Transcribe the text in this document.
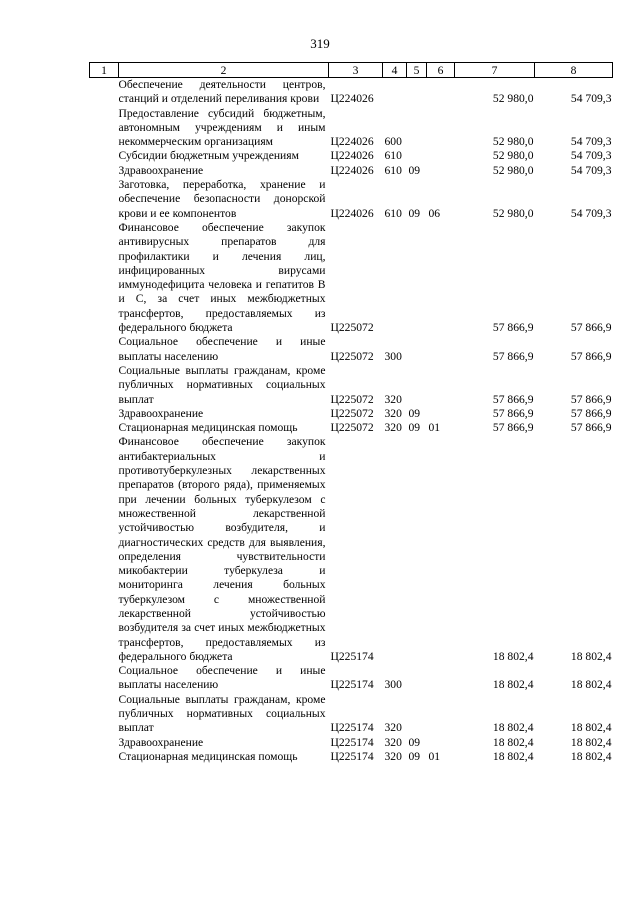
319
1	2	3	4	5	6	7	8
	Обеспечение деятельности центров, станций и отделений переливания крови	Ц224026				52 980,0	54 709,3
	Предоставление субсидий бюджетным, автономным учреждениям и иным некоммерческим организациям	Ц224026	600			52 980,0	54 709,3
	Субсидии бюджетным учреждениям	Ц224026	610			52 980,0	54 709,3
	Здравоохранение	Ц224026	610	09		52 980,0	54 709,3
	Заготовка, переработка, хранение и обеспечение безопасности донорской крови и ее компонентов	Ц224026	610	09	06	52 980,0	54 709,3
	Финансовое обеспечение закупок антивирусных препаратов для профилактики и лечения лиц, инфицированных вирусами иммунодефицита человека и гепатитов В и С, за счет иных межбюджетных трансфертов, предоставляемых из федерального бюджета	Ц225072				57 866,9	57 866,9
	Социальное обеспечение и иные выплаты населению	Ц225072	300			57 866,9	57 866,9
	Социальные выплаты гражданам, кроме публичных нормативных социальных выплат	Ц225072	320			57 866,9	57 866,9
	Здравоохранение	Ц225072	320	09		57 866,9	57 866,9
	Стационарная медицинская помощь	Ц225072	320	09	01	57 866,9	57 866,9
	Финансовое обеспечение закупок антибактериальных и противотуберкулезных лекарственных препаратов (второго ряда), применяемых при лечении больных туберкулезом с множественной лекарственной устойчивостью возбудителя, и диагностических средств для выявления, определения чувствительности микобактерии туберкулеза и мониторинга лечения больных туберкулезом с множественной лекарственной устойчивостью возбудителя за счет иных межбюджетных трансфертов, предоставляемых из федерального бюджета	Ц225174				18 802,4	18 802,4
	Социальное обеспечение и иные выплаты населению	Ц225174	300			18 802,4	18 802,4
	Социальные выплаты гражданам, кроме публичных нормативных социальных выплат	Ц225174	320			18 802,4	18 802,4
	Здравоохранение	Ц225174	320	09		18 802,4	18 802,4
	Стационарная медицинская помощь	Ц225174	320	09	01	18 802,4	18 802,4
